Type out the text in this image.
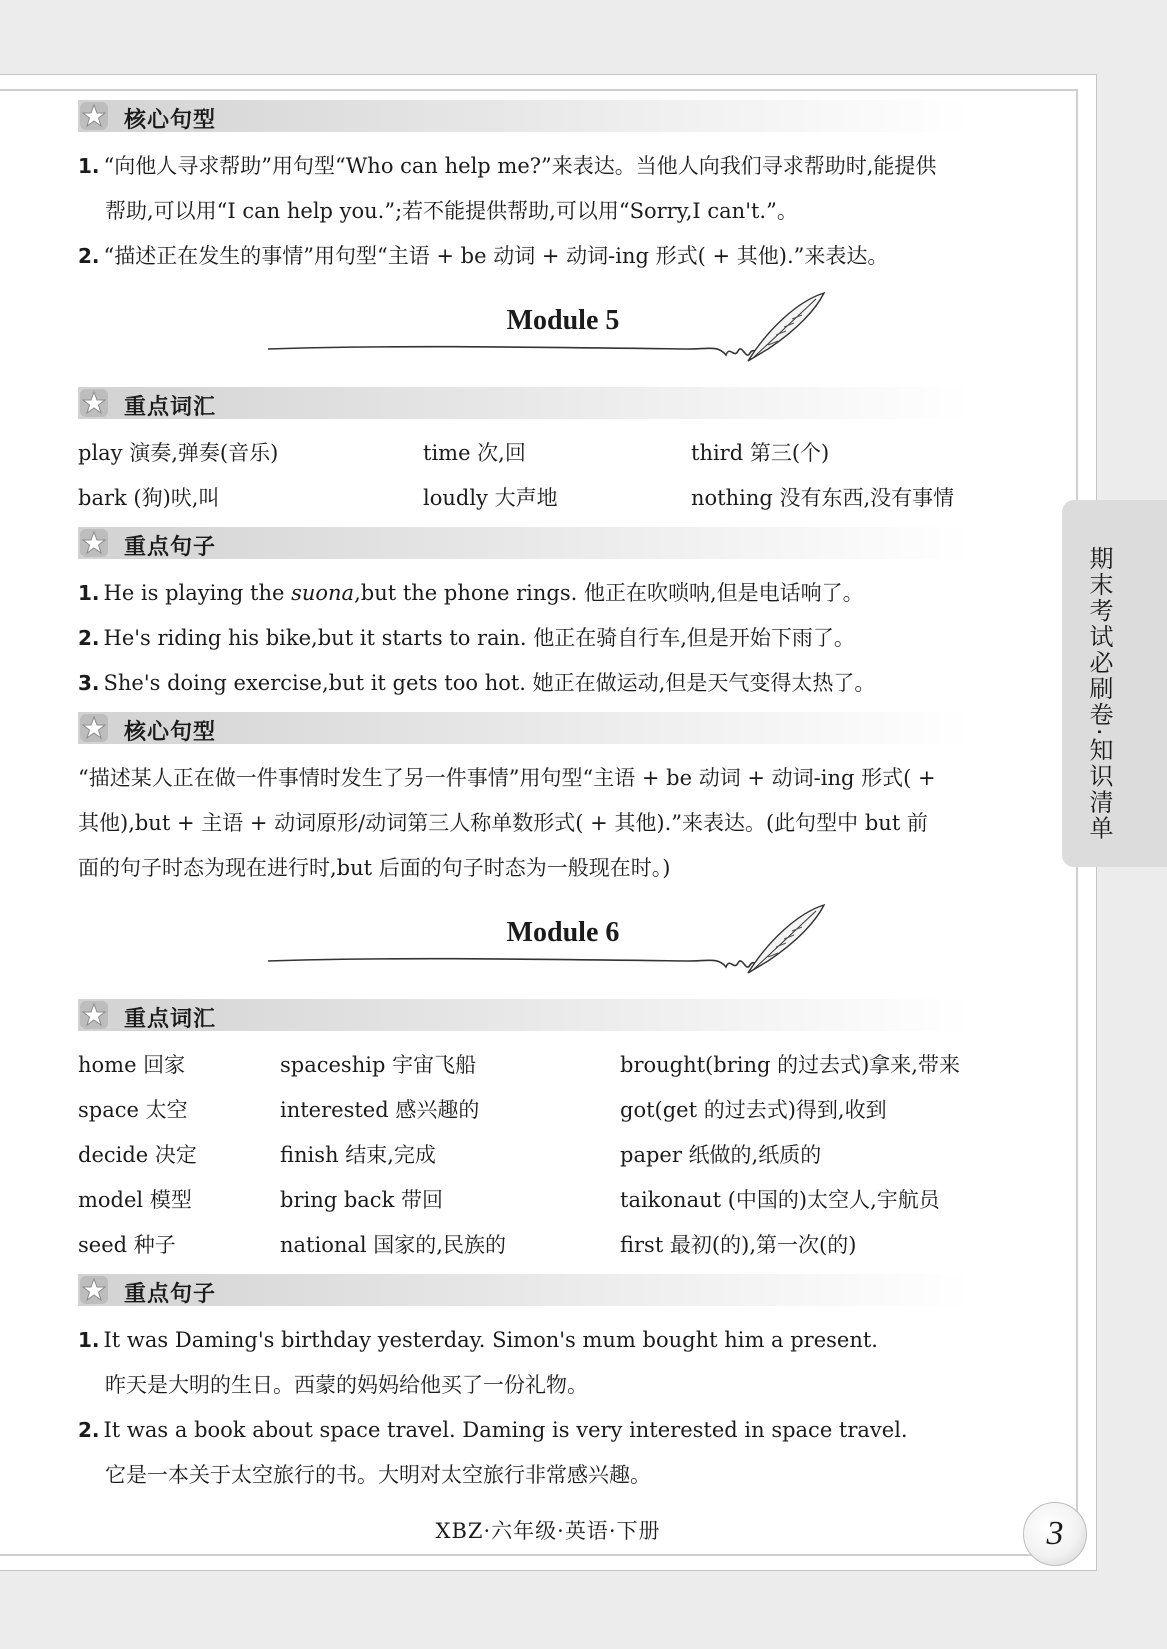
核心句型
1. “向他人寻求帮助”用句型“Who can help me?”来表达。当他人向我们寻求帮助时,能提供
帮助,可以用“I can help you.”;若不能提供帮助,可以用“Sorry,I can't.”。
2. “描述正在发生的事情”用句型“主语 + be 动词 + 动词-ing 形式( + 其他).”来表达。
Module 5
重点词汇
play 演奏,弹奏(音乐)	time 次,回	third 第三(个)
bark (狗)吠,叫	loudly 大声地	nothing 没有东西,没有事情
重点句子
1. He is playing the suona,but the phone rings. 他正在吹唢呐,但是电话响了。
2. He's riding his bike,but it starts to rain. 他正在骑自行车,但是开始下雨了。
3. She's doing exercise,but it gets too hot. 她正在做运动,但是天气变得太热了。
核心句型
“描述某人正在做一件事情时发生了另一件事情”用句型“主语 + be 动词 + 动词-ing 形式( +
其他),but + 主语 + 动词原形/动词第三人称单数形式( + 其他).”来表达。(此句型中 but 前
面的句子时态为现在进行时,but 后面的句子时态为一般现在时。)
Module 6
重点词汇
home 回家	spaceship 宇宙飞船	brought(bring 的过去式)拿来,带来
space 太空	interested 感兴趣的	got(get 的过去式)得到,收到
decide 决定	finish 结束,完成	paper 纸做的,纸质的
model 模型	bring back 带回	taikonaut (中国的)太空人,宇航员
seed 种子	national 国家的,民族的	first 最初(的),第一次(的)
重点句子
1. It was Daming's birthday yesterday. Simon's mum bought him a present.
昨天是大明的生日。西蒙的妈妈给他买了一份礼物。
2. It was a book about space travel. Daming is very interested in space travel.
它是一本关于太空旅行的书。大明对太空旅行非常感兴趣。
期末考试必刷卷·知识清单
XBZ·六年级·英语·下册	3
